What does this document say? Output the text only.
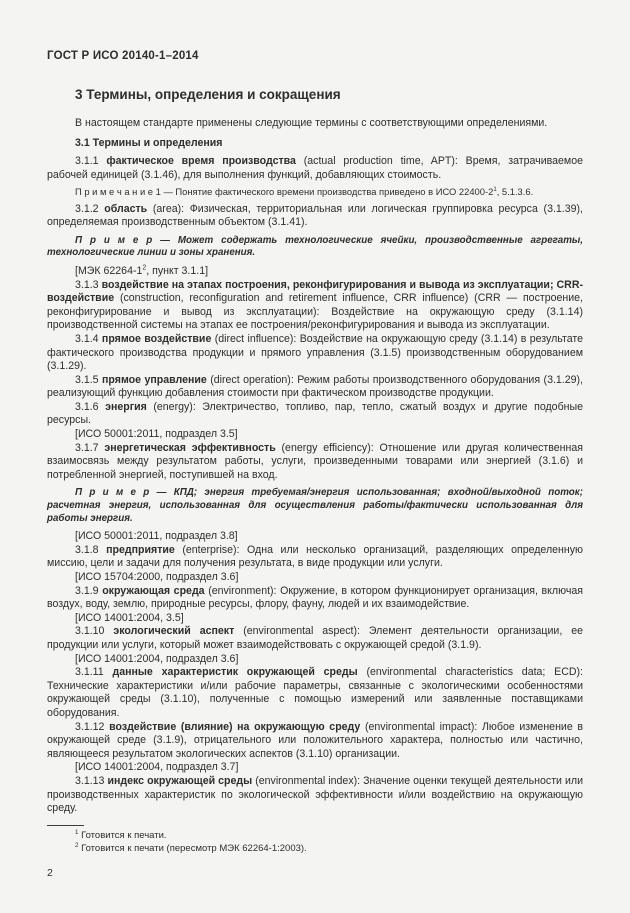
ГОСТ Р ИСО 20140-1–2014

3 Термины, определения и сокращения

В настоящем стандарте применены следующие термины с соответствующими определениями.

3.1 Термины и определения

3.1.1 фактическое время производства (actual production time, APT): Время, затрачиваемое рабочей единицей (3.1.46), для выполнения функций, добавляющих стоимость.

П р и м е ч а н и е 1 — Понятие фактического времени производства приведено в ИСО $22400-2^1$, 5.1.3.6.

3.1.2 область (area): Физическая, территориальная или логическая группировка ресурса (3.1.39), определяемая производственным объектом (3.1.41).

П р и м е р — Может содержать технологические ячейки, производственные агрегаты, технологические линии и зоны хранения.

[МЭК $62264-1^2$, пункт 3.1.1]

3.1.3 воздействие на этапах построения, реконфигурирования и вывода из эксплуатации; CRR-воздействие (construction, reconfiguration and retirement influence, CRR influence) (CRR — построение, реконфигурирование и вывод из эксплуатации): Воздействие на окружающую среду (3.1.14) производственной системы на этапах ее построения/реконфигурирования и вывода из эксплуатации.

3.1.4 прямое воздействие (direct influence): Воздействие на окружающую среду (3.1.14) в результате фактического производства продукции и прямого управления (3.1.5) производственным оборудованием (3.1.29).

3.1.5 прямое управление (direct operation): Режим работы производственного оборудования (3.1.29), реализующий функцию добавления стоимости при фактическом производстве продукции.

3.1.6 энергия (energy): Электричество, топливо, пар, тепло, сжатый воздух и другие подобные ресурсы.

[ИСО 50001:2011, подраздел 3.5]

3.1.7 энергетическая эффективность (energy efficiency): Отношение или другая количественная взаимосвязь между результатом работы, услуги, произведенными товарами или энергией (3.1.6) и потребленной энергией, поступившей на вход.

П р и м е р — КПД; энергия требуемая/энергия использованная; входной/выходной поток; расчетная энергия, использованная для осуществления работы/фактически использованная для работы энергия.

[ИСО 50001:2011, подраздел 3.8]

3.1.8 предприятие (enterprise): Одна или несколько организаций, разделяющих определенную миссию, цели и задачи для получения результата, в виде продукции или услуги.

[ИСО 15704:2000, подраздел 3.6]

3.1.9 окружающая среда (environment): Окружение, в котором функционирует организация, включая воздух, воду, землю, природные ресурсы, флору, фауну, людей и их взаимодействие.

[ИСО 14001:2004, 3.5]

3.1.10 экологический аспект (environmental aspect): Элемент деятельности организации, ее продукции или услуги, который может взаимодействовать с окружающей средой (3.1.9).

[ИСО 14001:2004, подраздел 3.6]

3.1.11 данные характеристик окружающей среды (environmental characteristics data; ECD): Технические характеристики и/или рабочие параметры, связанные с экологическими особенностями окружающей среды (3.1.10), полученные с помощью измерений или заявленные поставщиками оборудования.

3.1.12 воздействие (влияние) на окружающую среду (environmental impact): Любое изменение в окружающей среде (3.1.9), отрицательного или положительного характера, полностью или частично, являющееся результатом экологических аспектов (3.1.10) организации.

[ИСО 14001:2004, подраздел 3.7]

3.1.13 индекс окружающей среды (environmental index): Значение оценки текущей деятельности или производственных характеристик по экологической эффективности и/или воздействию на окружающую среду.

$^1$ Готовится к печати.

$^2$ Готовится к печати (пересмотр МЭК 62264-1:2003).

2
